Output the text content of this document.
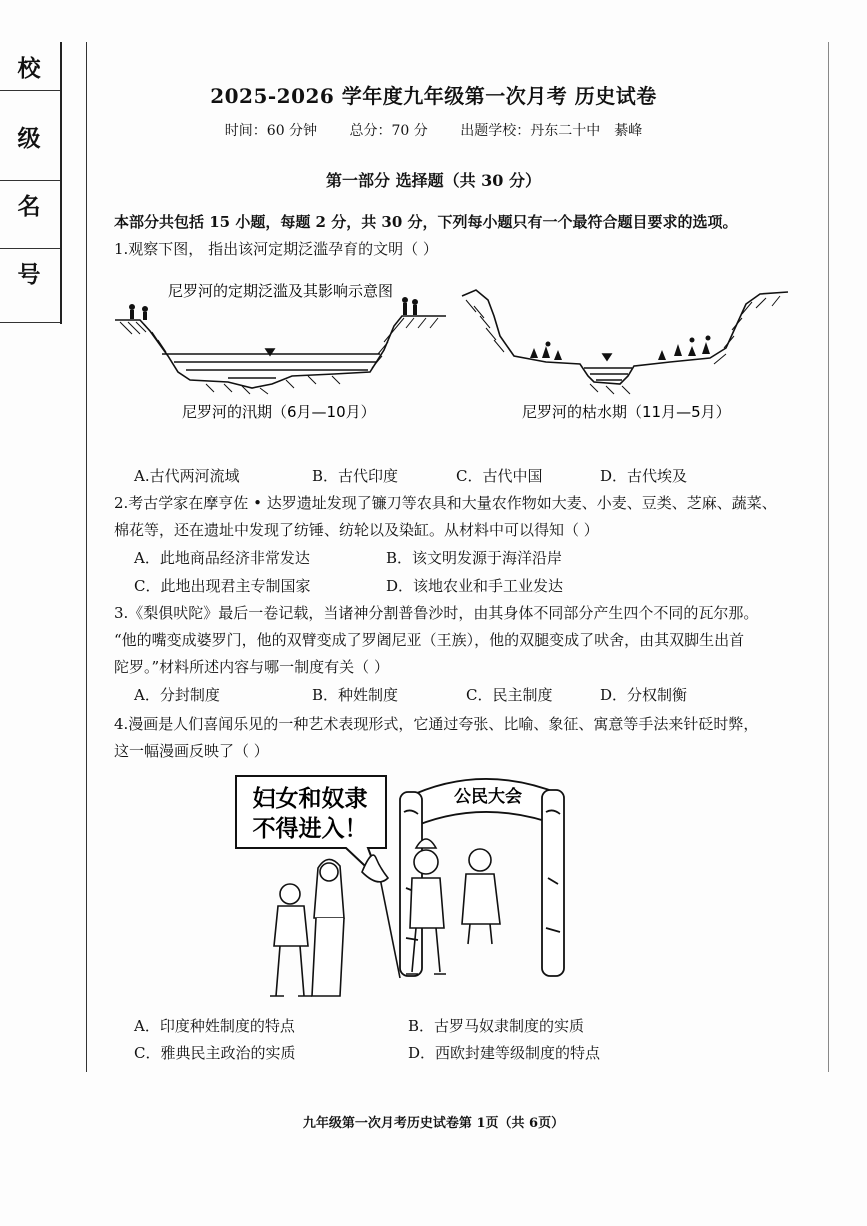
校
级
名
号
2025-2026 学年度九年级第一次月考 历史试卷
时间：60 分钟 总分：70 分 出题学校：丹东二十中 綦峰
第一部分 选择题（共 30 分）
本部分共包括 15 小题，每题 2 分，共 30 分，下列每小题只有一个最符合题目要求的选项。
1.观察下图， 指出该河定期泛滥孕育的文明（ ）
尼罗河的定期泛滥及其影响示意图
尼罗河的汛期（6月—10月）	尼罗河的枯水期（11月—5月）
A.古代两河流域	B．古代印度	C．古代中国	D．古代埃及
2.考古学家在摩亨佐 • 达罗遗址发现了镰刀等农具和大量农作物如大麦、小麦、豆类、芝麻、蔬菜、
棉花等，还在遗址中发现了纺锤、纺轮以及染缸。从材料中可以得知（ ）
A．此地商品经济非常发达	B．该文明发源于海洋沿岸
C．此地出现君主专制国家	D．该地农业和手工业发达
3.《梨俱吠陀》最后一卷记载，当诸神分割普鲁沙时，由其身体不同部分产生四个不同的瓦尔那。
“他的嘴变成婆罗门，他的双臂变成了罗阇尼亚（王族），他的双腿变成了吠舍，由其双脚生出首
陀罗。”材料所述内容与哪一制度有关（ ）
A．分封制度	B．种姓制度	C．民主制度	D．分权制衡
4.漫画是人们喜闻乐见的一种艺术表现形式，它通过夸张、比喻、象征、寓意等手法来针砭时弊，
这一幅漫画反映了（ ）
妇女和奴隶
不得进入！
公民大会
A．印度种姓制度的特点	B．古罗马奴隶制度的实质
C．雅典民主政治的实质	D．西欧封建等级制度的特点
九年级第一次月考历史试卷第 1页（共 6页）
